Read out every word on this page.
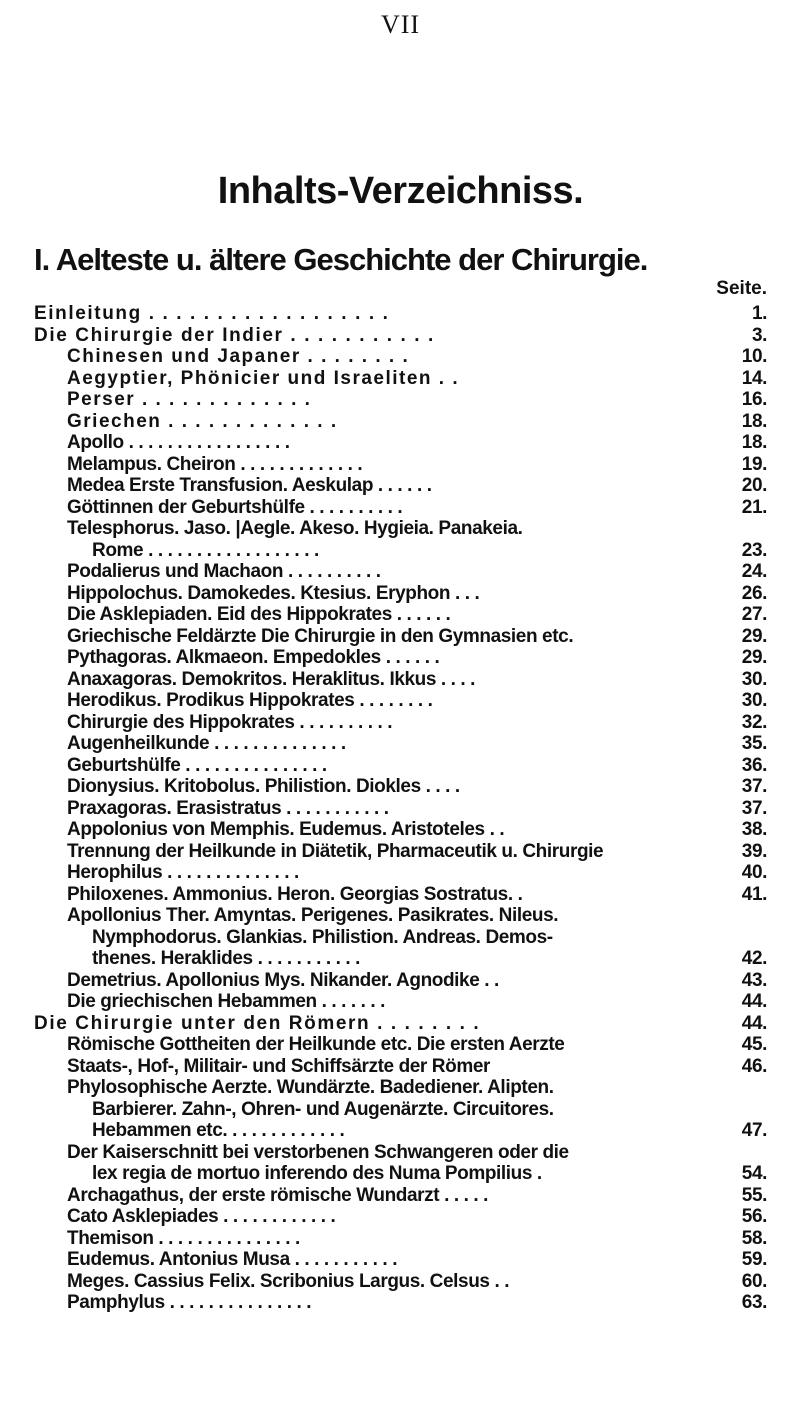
VII
Inhalts-Verzeichniss.
I. Aelteste u. ältere Geschichte der Chirurgie.
Seite.
Einleitung . . . . . . . . . . . . . . . . . .	1.
Die Chirurgie der Indier . . . . . . . . . . .	3.
Chinesen und Japaner . . . . . . . .	10.
Aegyptier, Phönicier und Israeliten . .	14.
Perser . . . . . . . . . . . . .	16.
Griechen . . . . . . . . . . . . .	18.
Apollo . . . . . . . . . . . . . . . . .	18.
Melampus. Cheiron . . . . . . . . . . . . .	19.
Medea Erste Transfusion. Aeskulap . . . . . .	20.
Göttinnen der Geburtshülfe . . . . . . . . . .	21.
Telesphorus. Jaso. |Aegle. Akeso. Hygieia. Panakeia.
Rome . . . . . . . . . . . . . . . . . .	23.
Podalierus und Machaon . . . . . . . . . .	24.
Hippolochus. Damokedes. Ktesius. Eryphon . . .	26.
Die Asklepiaden. Eid des Hippokrates . . . . . .	27.
Griechische Feldärzte Die Chirurgie in den Gymnasien etc.	29.
Pythagoras. Alkmaeon. Empedokles . . . . . .	29.
Anaxagoras. Demokritos. Heraklitus. Ikkus . . . .	30.
Herodikus. Prodikus Hippokrates . . . . . . . .	30.
Chirurgie des Hippokrates . . . . . . . . . .	32.
Augenheilkunde . . . . . . . . . . . . . .	35.
Geburtshülfe . . . . . . . . . . . . . . .	36.
Dionysius. Kritobolus. Philistion. Diokles . . . .	37.
Praxagoras. Erasistratus . . . . . . . . . . .	37.
Appolonius von Memphis. Eudemus. Aristoteles . .	38.
Trennung der Heilkunde in Diätetik, Pharmaceutik u. Chirurgie	39.
Herophilus . . . . . . . . . . . . . .	40.
Philoxenes. Ammonius. Heron. Georgias Sostratus. .	41.
Apollonius Ther. Amyntas. Perigenes. Pasikrates. Nileus.
Nymphodorus. Glankias. Philistion. Andreas. Demos-
thenes. Heraklides . . . . . . . . . . .	42.
Demetrius. Apollonius Mys. Nikander. Agnodike . .	43.
Die griechischen Hebammen . . . . . . .	44.
Die Chirurgie unter den Römern . . . . . . . .	44.
Römische Gottheiten der Heilkunde etc. Die ersten Aerzte	45.
Staats-, Hof-, Militair- und Schiffsärzte der Römer	46.
Phylosophische Aerzte. Wundärzte. Badediener. Alipten.
Barbierer. Zahn-, Ohren- und Augenärzte. Circuitores.
Hebammen etc. . . . . . . . . . . . .	47.
Der Kaiserschnitt bei verstorbenen Schwangeren oder die
lex regia de mortuo inferendo des Numa Pompilius .	54.
Archagathus, der erste römische Wundarzt . . . . .	55.
Cato Asklepiades . . . . . . . . . . . .	56.
Themison . . . . . . . . . . . . . . .	58.
Eudemus. Antonius Musa . . . . . . . . . . .	59.
Meges. Cassius Felix. Scribonius Largus. Celsus . .	60.
Pamphylus . . . . . . . . . . . . . . .	63.
